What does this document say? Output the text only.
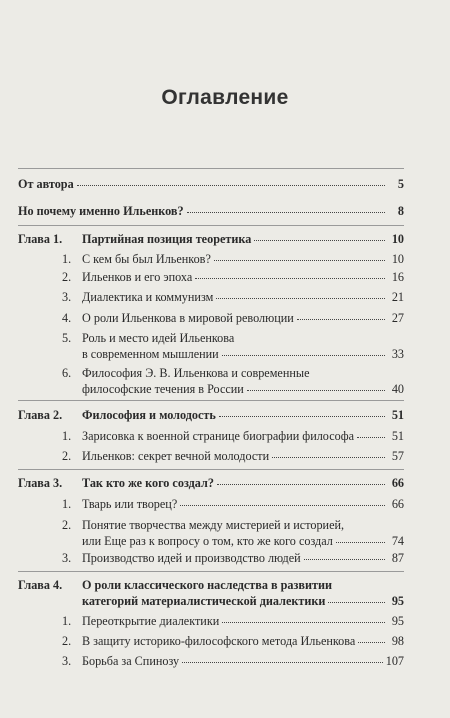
Оглавление
От автора	5
Но почему именно Ильенков?	8
Глава 1.	Партийная позиция теоретика	10
1. С кем бы был Ильенков?	10
2. Ильенков и его эпоха	16
3. Диалектика и коммунизм	21
4. О роли Ильенкова в мировой революции	27
5. Роль и место идей Ильенкова
в современном мышлении	33
6. Философия Э. В. Ильенкова и современные
философские течения в России	40
Глава 2.	Философия и молодость	51
1. Зарисовка к военной странице биографии философа	51
2. Ильенков: секрет вечной молодости	57
Глава 3.	Так кто же кого создал?	66
1. Тварь или творец?	66
2. Понятие творчества между мистерией и историей,
или Еще раз к вопросу о том, кто же кого создал	74
3. Производство идей и производство людей	87
Глава 4.	О роли классического наследства в развитии
категорий материалистической диалектики	95
1. Переоткрытие диалектики	95
2. В защиту историко-философского метода Ильенкова	98
3. Борьба за Спинозу	107
